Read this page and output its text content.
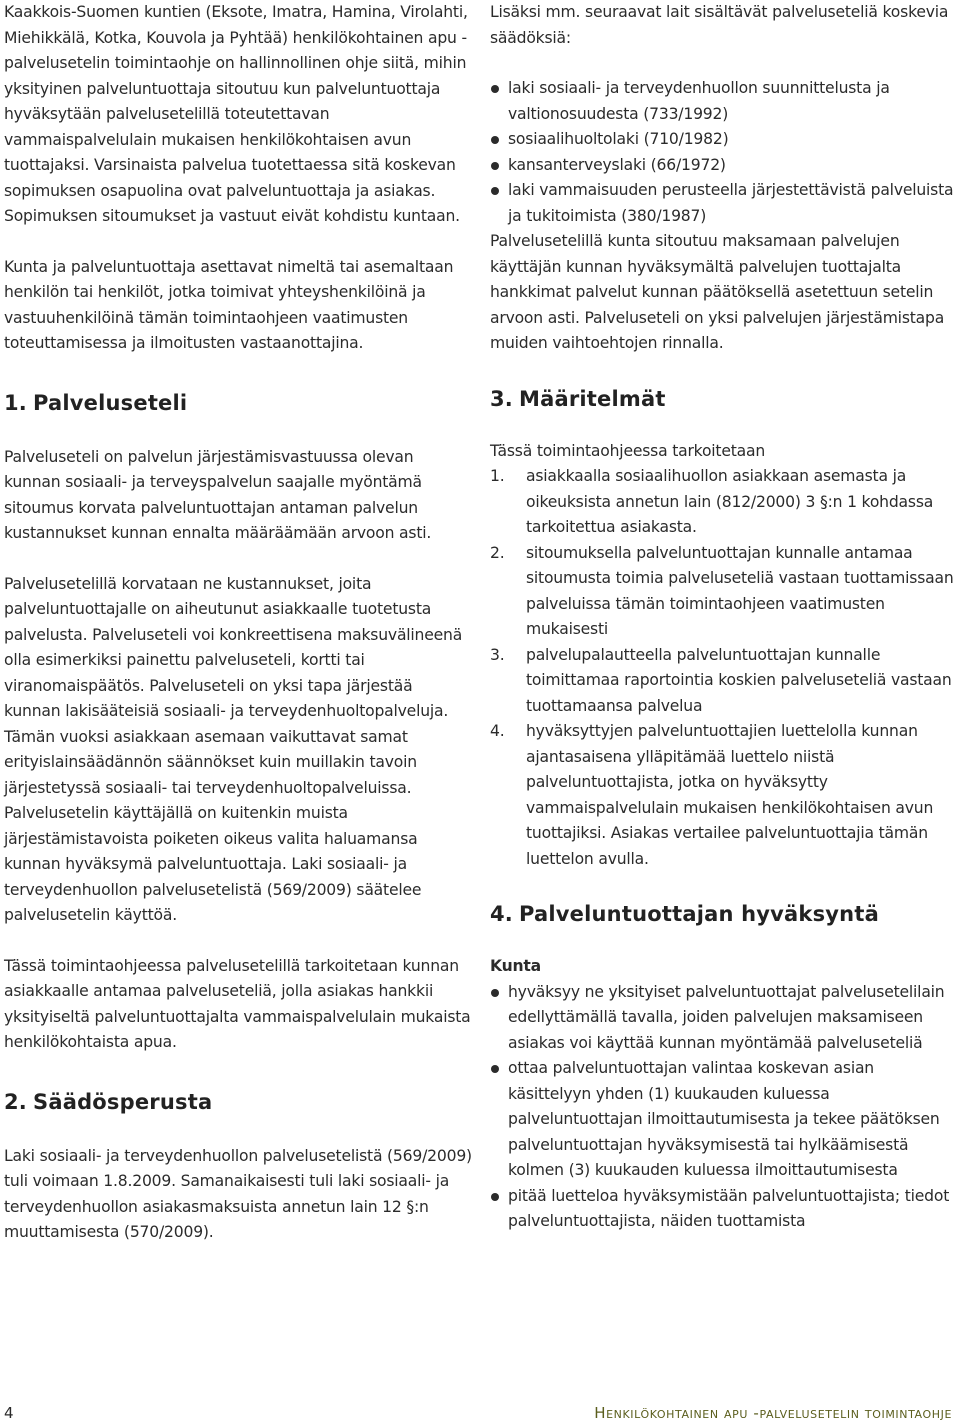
Kaakkois-Suomen kuntien (Eksote, Imatra, Hamina, Virolahti, Miehikkälä, Kotka, Kouvola ja Pyhtää) henkilökohtainen apu -palvelusetelin toimintaohje on hallinnollinen ohje siitä, mihin yksityinen palveluntuottaja sitoutuu kun palveluntuottaja hyväksytään palvelusetelillä toteutettavan vammaispalvelulain mukaisen henkilökohtaisen avun tuottajaksi. Varsinaista palvelua tuotettaessa sitä koskevan sopimuksen osapuolina ovat palveluntuottaja ja asiakas. Sopimuksen sitoumukset ja vastuut eivät kohdistu kuntaan.

Kunta ja palveluntuottaja asettavat nimeltä tai asemaltaan henkilön tai henkilöt, jotka toimivat yhteyshenkilöinä ja vastuuhenkilöinä tämän toimintaohjeen vaatimusten toteuttamisessa ja ilmoitusten vastaanottajina.

1. Palveluseteli

Palveluseteli on palvelun järjestämisvastuussa olevan kunnan sosiaali- ja terveyspalvelun saajalle myöntämä sitoumus korvata palveluntuottajan antaman palvelun kustannukset kunnan ennalta määräämään arvoon asti.

Palvelusetelillä korvataan ne kustannukset, joita palveluntuottajalle on aiheutunut asiakkaalle tuotetusta palvelusta. Palveluseteli voi konkreettisena maksuvälineenä olla esimerkiksi painettu palveluseteli, kortti tai viranomaispäätös. Palveluseteli on yksi tapa järjestää kunnan lakisääteisiä sosiaali- ja terveydenhuoltopalveluja. Tämän vuoksi asiakkaan asemaan vaikuttavat samat erityislainsäädännön säännökset kuin muillakin tavoin järjestetyssä sosiaali- tai terveydenhuoltopalveluissa. Palvelusetelin käyttäjällä on kuitenkin muista järjestämistavoista poiketen oikeus valita haluamansa kunnan hyväksymä palveluntuottaja. Laki sosiaali- ja terveydenhuollon palvelusetelistä (569/2009) säätelee palvelusetelin käyttöä.

Tässä toimintaohjeessa palvelusetelillä tarkoitetaan kunnan asiakkaalle antamaa palveluseteliä, jolla asiakas hankkii yksityiseltä palveluntuottajalta vammaispalvelulain mukaista henkilökohtaista apua.

2. Säädösperusta

Laki sosiaali- ja terveydenhuollon palvelusetelistä (569/2009) tuli voimaan 1.8.2009. Samanaikaisesti tuli laki sosiaali- ja terveydenhuollon asiakasmaksuista annetun lain 12 §:n muuttamisesta (570/2009).

Lisäksi mm. seuraavat lait sisältävät palveluseteliä koskevia säädöksiä:

laki sosiaali- ja terveydenhuollon suunnittelusta ja valtionosuudesta (733/1992)
sosiaalihuoltolaki (710/1982)
kansanterveyslaki (66/1972)
laki vammaisuuden perusteella järjestettävistä palveluista ja tukitoimista (380/1987)

Palvelusetelillä kunta sitoutuu maksamaan palvelujen käyttäjän kunnan hyväksymältä palvelujen tuottajalta hankkimat palvelut kunnan päätöksellä asetettuun setelin arvoon asti. Palveluseteli on yksi palvelujen järjestämistapa muiden vaihtoehtojen rinnalla.

3. Määritelmät

Tässä toimintaohjeessa tarkoitetaan

1. asiakkaalla sosiaalihuollon asiakkaan asemasta ja oikeuksista annetun lain (812/2000) 3 §:n 1 kohdassa tarkoitettua asiakasta.
2. sitoumuksella palveluntuottajan kunnalle antamaa sitoumusta toimia palveluseteliä vastaan tuottamissaan palveluissa tämän toimintaohjeen vaatimusten mukaisesti
3. palvelupalautteella palveluntuottajan kunnalle toimittamaa raportointia koskien palveluseteliä vastaan tuottamaansa palvelua
4. hyväksyttyjen palveluntuottajien luettelolla kunnan ajantasaisena ylläpitämää luettelo niistä palveluntuottajista, jotka on hyväksytty vammaispalvelulain mukaisen henkilökohtaisen avun tuottajiksi. Asiakas vertailee palveluntuottajia tämän luettelon avulla.
4. Palveluntuottajan hyväksyntä

Kunta

hyväksyy ne yksityiset palveluntuottajat palvelusetelilain edellyttämällä tavalla, joiden palvelujen maksamiseen asiakas voi käyttää kunnan myöntämää palveluseteliä
ottaa palveluntuottajan valintaa koskevan asian käsittelyyn yhden (1) kuukauden kuluessa palveluntuottajan ilmoittautumisesta ja tekee päätöksen palveluntuottajan hyväksymisestä tai hylkäämisestä kolmen (3) kuukauden kuluessa ilmoittautumisesta
pitää luetteloa hyväksymistään palveluntuottajista; tiedot palveluntuottajista, näiden tuottamista
4	Henkilökohtainen apu -palvelusetelin toimintaohje
